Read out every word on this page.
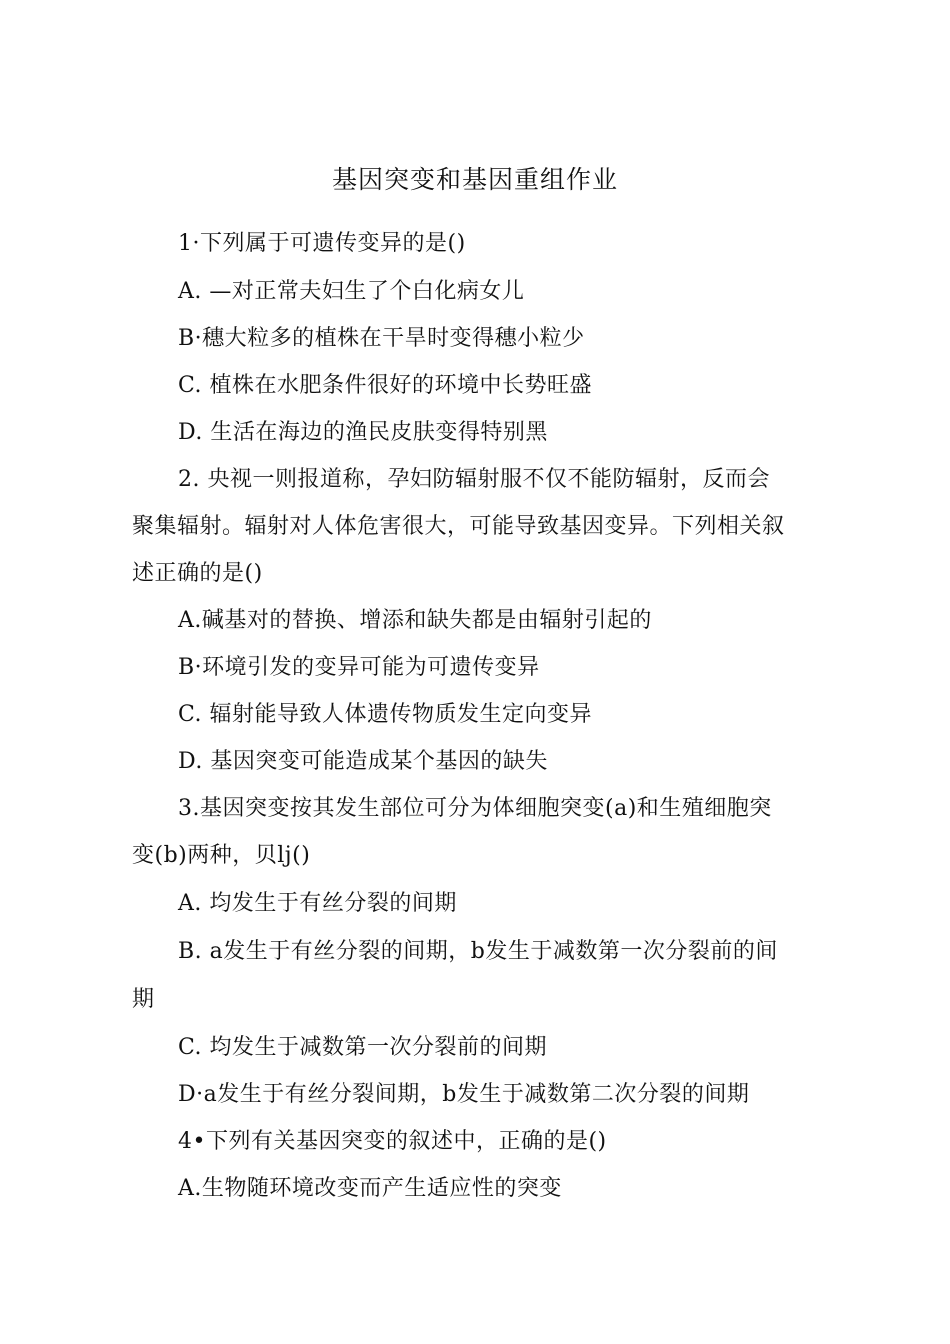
基因突变和基因重组作业
1·下列属于可遗传变异的是()
A. —对正常夫妇生了个白化病女儿
B·穗大粒多的植株在干旱时变得穗小粒少
C. 植株在水肥条件很好的环境中长势旺盛
D. 生活在海边的渔民皮肤变得特别黑
2. 央视一则报道称，孕妇防辐射服不仅不能防辐射，反而会
聚集辐射。辐射对人体危害很大，可能导致基因变异。下列相关叙
述正确的是()
A.碱基对的替换、增添和缺失都是由辐射引起的
B·环境引发的变异可能为可遗传变异
C. 辐射能导致人体遗传物质发生定向变异
D. 基因突变可能造成某个基因的缺失
3.基因突变按其发生部位可分为体细胞突变(a)和生殖细胞突
变(b)两种，贝lj()
A. 均发生于有丝分裂的间期
B. a发生于有丝分裂的间期，b发生于减数第一次分裂前的间
期
C. 均发生于减数第一次分裂前的间期
D·a发生于有丝分裂间期，b发生于减数第二次分裂的间期
4•下列有关基因突变的叙述中，正确的是()
A.生物随环境改变而产生适应性的突变
